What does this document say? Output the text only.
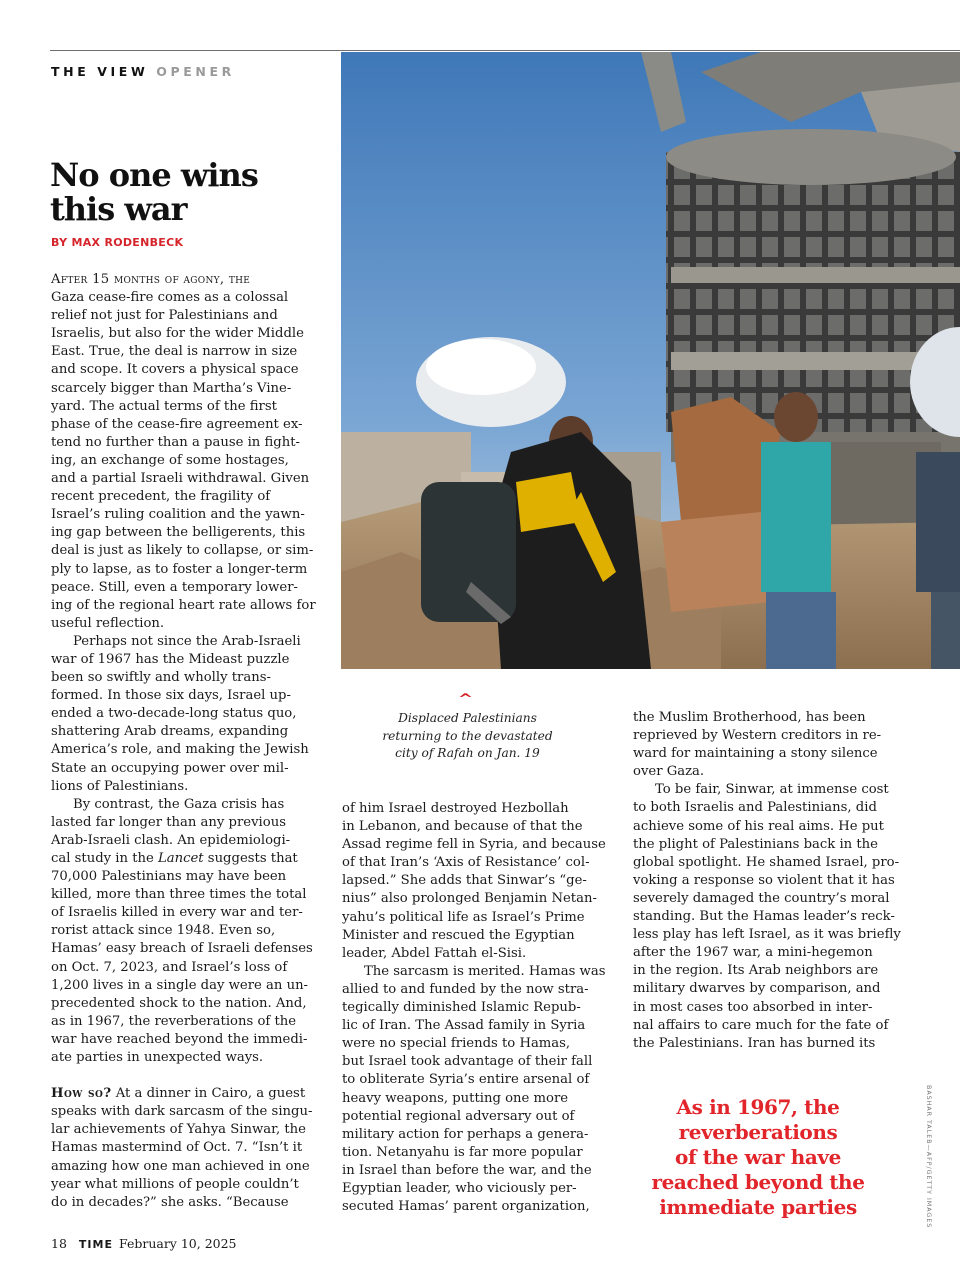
THE VIEW OPENER
No one wins
this war
BY MAX RODENBECK
After 15 months of agony, the
Gaza cease-fire comes as a colossal
relief not just for Palestinians and
Israelis, but also for the wider Middle
East. True, the deal is narrow in size
and scope. It covers a physical space
scarcely bigger than Martha’s Vine-
yard. The actual terms of the first
phase of the cease-fire agreement ex-
tend no further than a pause in fight-
ing, an exchange of some hostages,
and a partial Israeli withdrawal. Given
recent precedent, the fragility of
Israel’s ruling coalition and the yawn-
ing gap between the belligerents, this
deal is just as likely to collapse, or sim-
ply to lapse, as to foster a longer-term
peace. Still, even a temporary lower-
ing of the regional heart rate allows for
useful reflection.
Perhaps not since the Arab-Israeli
war of 1967 has the Mideast puzzle
been so swiftly and wholly trans-
formed. In those six days, Israel up-
ended a two-decade-long status quo,
shattering Arab dreams, expanding
America’s role, and making the Jewish
State an occupying power over mil-
lions of Palestinians.
By contrast, the Gaza crisis has
lasted far longer than any previous
Arab-Israeli clash. An epidemiologi-
cal study in the Lancet suggests that
70,000 Palestinians may have been
killed, more than three times the total
of Israelis killed in every war and ter-
rorist attack since 1948. Even so,
Hamas’ easy breach of Israeli defenses
on Oct. 7, 2023, and Israel’s loss of
1,200 lives in a single day were an un-
precedented shock to the nation. And,
as in 1967, the reverberations of the
war have reached beyond the immedi-
ate parties in unexpected ways.
How so? At a dinner in Cairo, a guest
speaks with dark sarcasm of the singu-
lar achievements of Yahya Sinwar, the
Hamas mastermind of Oct. 7. “Isn’t it
amazing how one man achieved in one
year what millions of people couldn’t
do in decades?” she asks. “Because	BASHAR TALEB—AFP/GETTY IMAGES
^
Displaced Palestinians
returning to the devastated
city of Rafah on Jan. 19
of him Israel destroyed Hezbollah
in Lebanon, and because of that the
Assad regime fell in Syria, and because
of that Iran’s ‘Axis of Resistance’ col-
lapsed.” She adds that Sinwar’s “ge-
nius” also prolonged Benjamin Netan-
yahu’s political life as Israel’s Prime
Minister and rescued the Egyptian
leader, Abdel Fattah el-Sisi.
The sarcasm is merited. Hamas was
allied to and funded by the now stra-
tegically diminished Islamic Repub-
lic of Iran. The Assad family in Syria
were no special friends to Hamas,
but Israel took advantage of their fall
to obliterate Syria’s entire arsenal of
heavy weapons, putting one more
potential regional adversary out of
military action for perhaps a genera-
tion. Netanyahu is far more popular
in Israel than before the war, and the
Egyptian leader, who viciously per-
secuted Hamas’ parent organization,
the Muslim Brotherhood, has been
reprieved by Western creditors in re-
ward for maintaining a stony silence
over Gaza.
To be fair, Sinwar, at immense cost
to both Israelis and Palestinians, did
achieve some of his real aims. He put
the plight of Palestinians back in the
global spotlight. He shamed Israel, pro-
voking a response so violent that it has
severely damaged the country’s moral
standing. But the Hamas leader’s reck-
less play has left Israel, as it was briefly
after the 1967 war, a mini-hegemon
in the region. Its Arab neighbors are
military dwarves by comparison, and
in most cases too absorbed in inter-
nal affairs to care much for the fate of
the Palestinians. Iran has burned its
As in 1967, the
reverberations
of the war have
reached beyond the
immediate parties
18 TIME February 10, 2025
